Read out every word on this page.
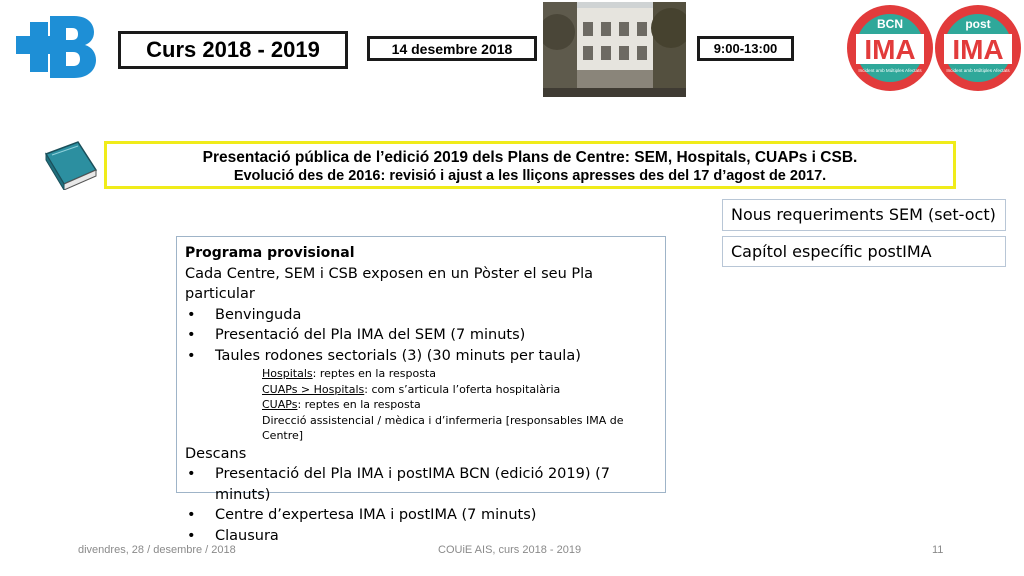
Curs 2018 - 2019	14 desembre 2018	9:00-13:00
BCN
IMA
Incident amb Múltiples Afectats
post
IMA
Incident amb Múltiples Afectats
Presentació pública de l’edició 2019 dels Plans de Centre: SEM, Hospitals, CUAPs i CSB.
Evolució des de 2016: revisió i ajust a les lliçons apresses des del 17 d’agost de 2017.
Nous requeriments SEM (set-oct)
Capítol específic postIMA
Programa provisional
Cada Centre, SEM i CSB exposen en un Pòster el seu Pla particular
•	Benvinguda
•	Presentació del Pla IMA del SEM (7 minuts)
•	Taules rodones sectorials (3) (30 minuts per taula)
Hospitals: reptes en la resposta
CUAPs > Hospitals: com s’articula l’oferta hospitalària
CUAPs: reptes en la resposta
Direcció assistencial / mèdica i d’infermeria [responsables IMA de Centre]
Descans
•	Presentació del Pla IMA i postIMA BCN (edició 2019) (7 minuts)
•	Centre d’expertesa IMA i postIMA (7 minuts)
•	Clausura
divendres, 28 / desembre / 2018	COUiE AIS, curs 2018 - 2019	11
